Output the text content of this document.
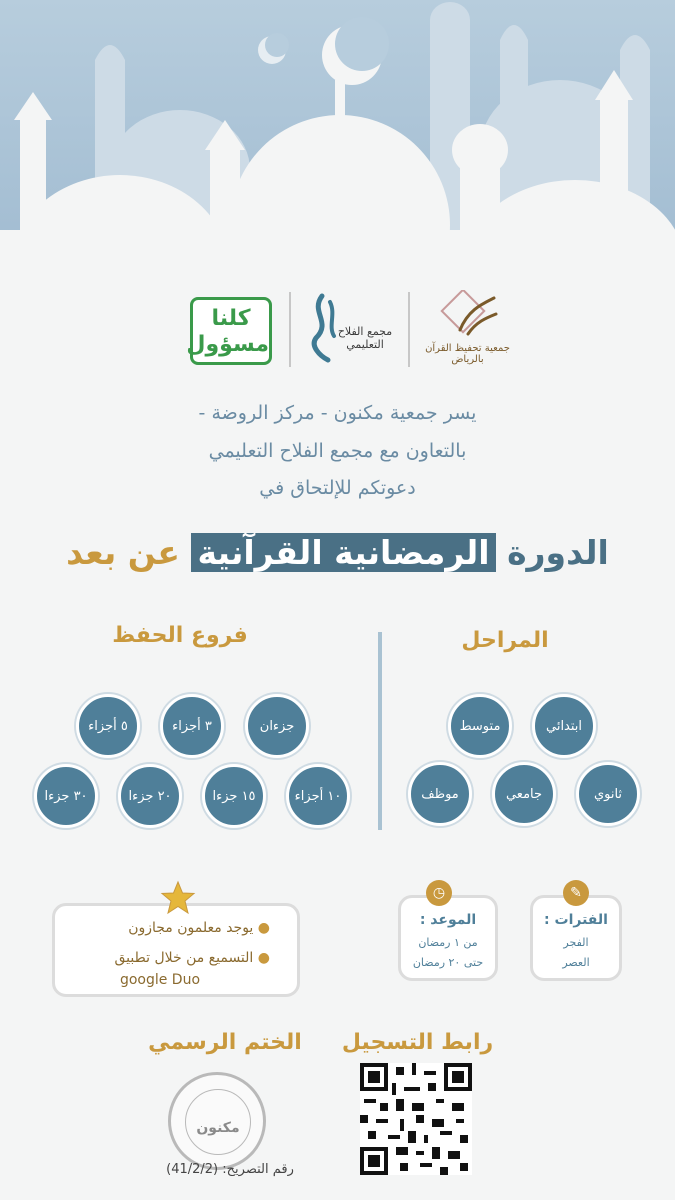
كلنا
مسؤول
مجمع الفلاح
التعليمي	جمعية تحفيظ القرآن بالرياض
يسر جمعية مكنون - مركز الروضة -
بالتعاون مع مجمع الفلاح التعليمي
دعوتكم للإلتحاق في
الدورة الرمضانية القرآنية عن بعد
المراحل
فروع الحفظ
ابتدائي
متوسط
ثانوي
جامعي
موظف
جزءان
٣ أجزاء
٥ أجزاء
١٠ أجزاء
١٥ جزءا
٢٠ جزءا
٣٠ جزءا
✎
الفترات :
الفجر
العصر
◷
الموعد :
من ١ رمضان
حتى ٢٠ رمضان
● يوجد معلمون مجازون
● التسميع من خلال تطبيق
google Duo
رابط التسجيل
الختم الرسمي
مكنون
رقم التصريح: (41/2/2)
